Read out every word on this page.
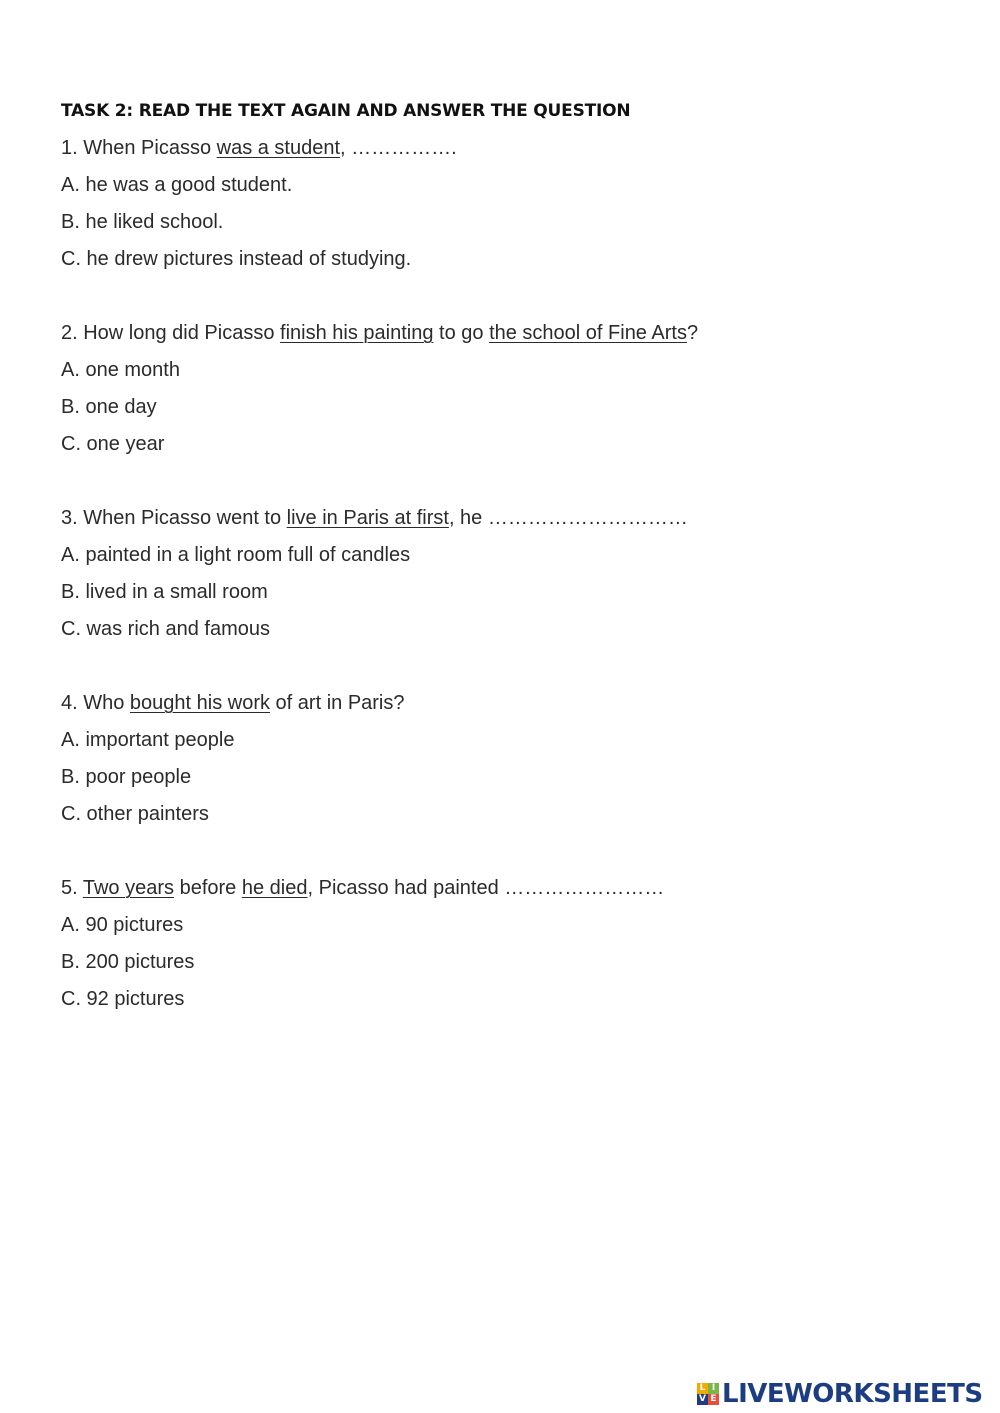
TASK 2: READ THE TEXT AGAIN AND ANSWER THE QUESTION
1. When Picasso was a student, …………….
A. he was a good student.
B. he liked school.
C. he drew pictures instead of studying.
2. How long did Picasso finish his painting to go the school of Fine Arts?
A. one month
B. one day
C. one year
3. When Picasso went to live in Paris at first, he …………………………
A. painted in a light room full of candles
B. lived in a small room
C. was rich and famous
4. Who bought his work of art in Paris?
A. important people
B. poor people
C. other painters
5. Two years before he died, Picasso had painted ……………………
A. 90 pictures
B. 200 pictures
C. 92 pictures
L I
V E LIVEWORKSHEETS
